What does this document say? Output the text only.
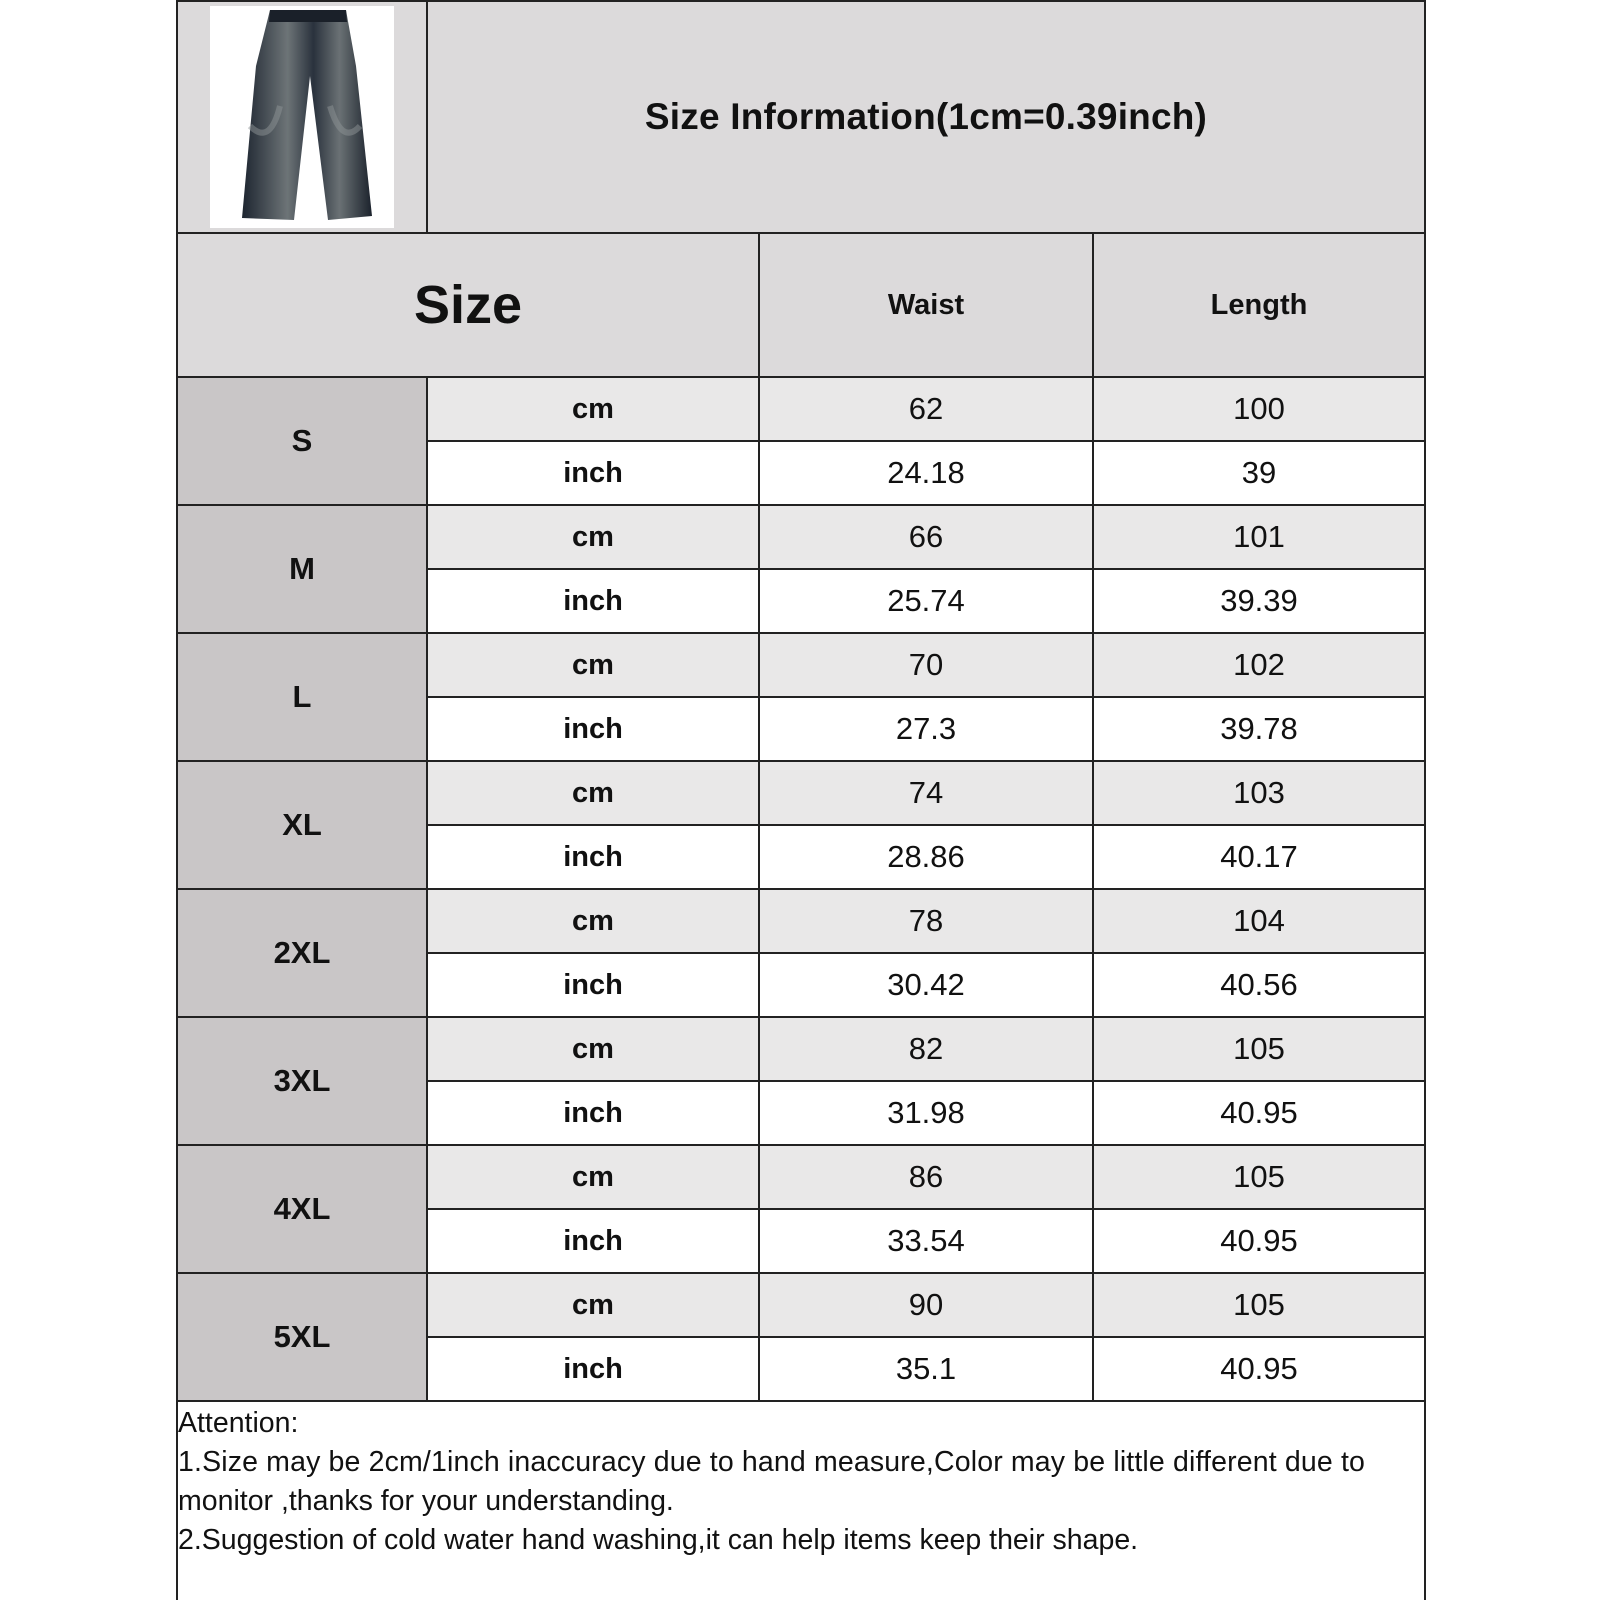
Size Information(1cm=0.39inch)
Size	Waist	Length
S
cm	62	100
inch	24.18	39
M
cm	66	101
inch	25.74	39.39
L
cm	70	102
inch	27.3	39.78
XL
cm	74	103
inch	28.86	40.17
2XL
cm	78	104
inch	30.42	40.56
3XL
cm	82	105
inch	31.98	40.95
4XL
cm	86	105
inch	33.54	40.95
5XL
cm	90	105
inch	35.1	40.95
Attention:
1.Size may be 2cm/1inch inaccuracy due to hand measure,Color may be little different due to
monitor ,thanks for your understanding.
2.Suggestion of cold water hand washing,it can help items keep their shape.
